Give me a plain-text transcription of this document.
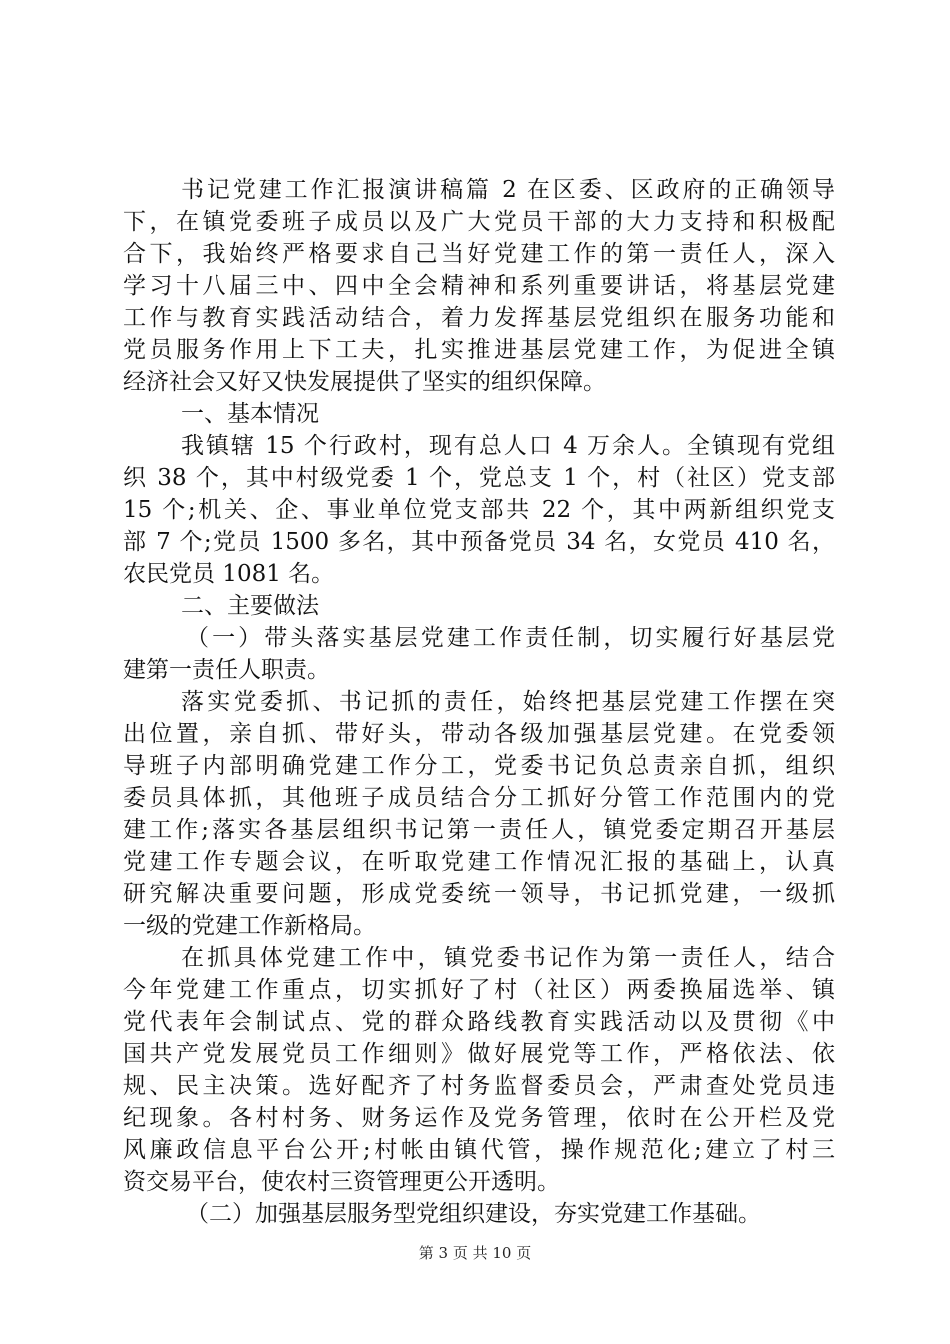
书记党建工作汇报演讲稿篇 2 在区委、区政府的正确领导
下，在镇党委班子成员以及广大党员干部的大力支持和积极配
合下，我始终严格要求自己当好党建工作的第一责任人，深入
学习十八届三中、四中全会精神和系列重要讲话，将基层党建
工作与教育实践活动结合，着力发挥基层党组织在服务功能和
党员服务作用上下工夫，扎实推进基层党建工作，为促进全镇
经济社会又好又快发展提供了坚实的组织保障。
一、基本情况
我镇辖 15 个行政村，现有总人口 4 万余人。全镇现有党组
织 38 个，其中村级党委 1 个，党总支 1 个，村（社区）党支部
15 个;机关、企、事业单位党支部共 22 个，其中两新组织党支
部 7 个;党员 1500 多名，其中预备党员 34 名，女党员 410 名，
农民党员 1081 名。
二、主要做法
（一）带头落实基层党建工作责任制，切实履行好基层党
建第一责任人职责。
落实党委抓、书记抓的责任，始终把基层党建工作摆在突
出位置，亲自抓、带好头，带动各级加强基层党建。在党委领
导班子内部明确党建工作分工，党委书记负总责亲自抓，组织
委员具体抓，其他班子成员结合分工抓好分管工作范围内的党
建工作;落实各基层组织书记第一责任人，镇党委定期召开基层
党建工作专题会议，在听取党建工作情况汇报的基础上，认真
研究解决重要问题，形成党委统一领导，书记抓党建，一级抓
一级的党建工作新格局。
在抓具体党建工作中，镇党委书记作为第一责任人，结合
今年党建工作重点，切实抓好了村（社区）两委换届选举、镇
党代表年会制试点、党的群众路线教育实践活动以及贯彻《中
国共产党发展党员工作细则》做好展党等工作，严格依法、依
规、民主决策。选好配齐了村务监督委员会，严肃查处党员违
纪现象。各村村务、财务运作及党务管理，依时在公开栏及党
风廉政信息平台公开;村帐由镇代管，操作规范化;建立了村三
资交易平台，使农村三资管理更公开透明。
（二）加强基层服务型党组织建设，夯实党建工作基础。
第 3 页 共 10 页
